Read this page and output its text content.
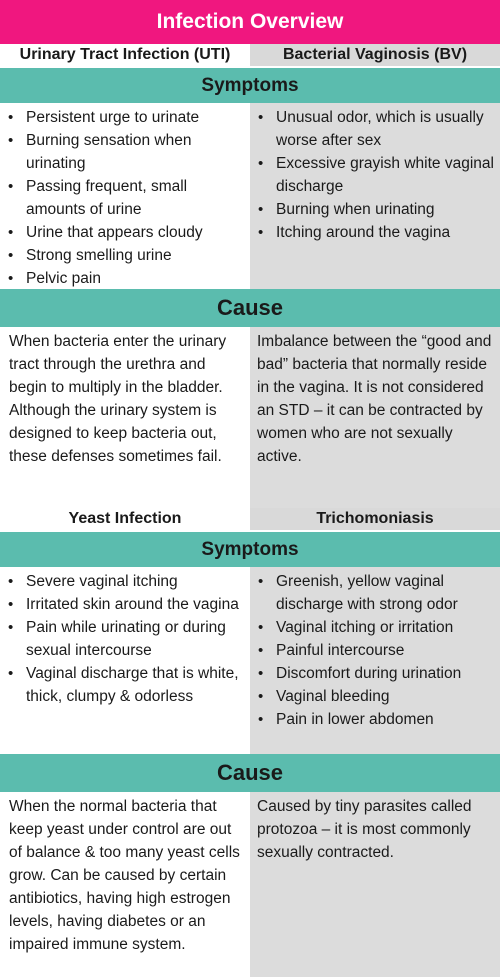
Infection Overview
Urinary Tract Infection (UTI)	Bacterial Vaginosis (BV)
Symptoms
• Persistent urge to urinate
• Burning sensation when urinating
• Passing frequent, small amounts of urine
• Urine that appears cloudy
• Strong smelling urine
• Pelvic pain
• Unusual odor, which is usually worse after sex
• Excessive grayish white vaginal discharge
• Burning when urinating
• Itching around the vagina
Cause

When bacteria enter the urinary tract through the urethra and begin to multiply in the bladder. Although the urinary system is designed to keep bacteria out, these defenses sometimes fail.

Imbalance between the “good and bad” bacteria that normally reside in the vagina. It is not considered an STD – it can be contracted by women who are not sexually active.

Yeast Infection	Trichomoniasis
Symptoms
• Severe vaginal itching
• Irritated skin around the vagina
• Pain while urinating or during sexual intercourse
• Vaginal discharge that is white, thick, clumpy & odorless
• Greenish, yellow vaginal discharge with strong odor
• Vaginal itching or irritation
• Painful intercourse
• Discomfort during urination
• Vaginal bleeding
• Pain in lower abdomen
Cause

When the normal bacteria that keep yeast under control are out of balance & too many yeast cells grow. Can be caused by certain antibiotics, having high estrogen levels, having diabetes or an impaired immune system.

Caused by tiny parasites called protozoa – it is most commonly sexually contracted.
